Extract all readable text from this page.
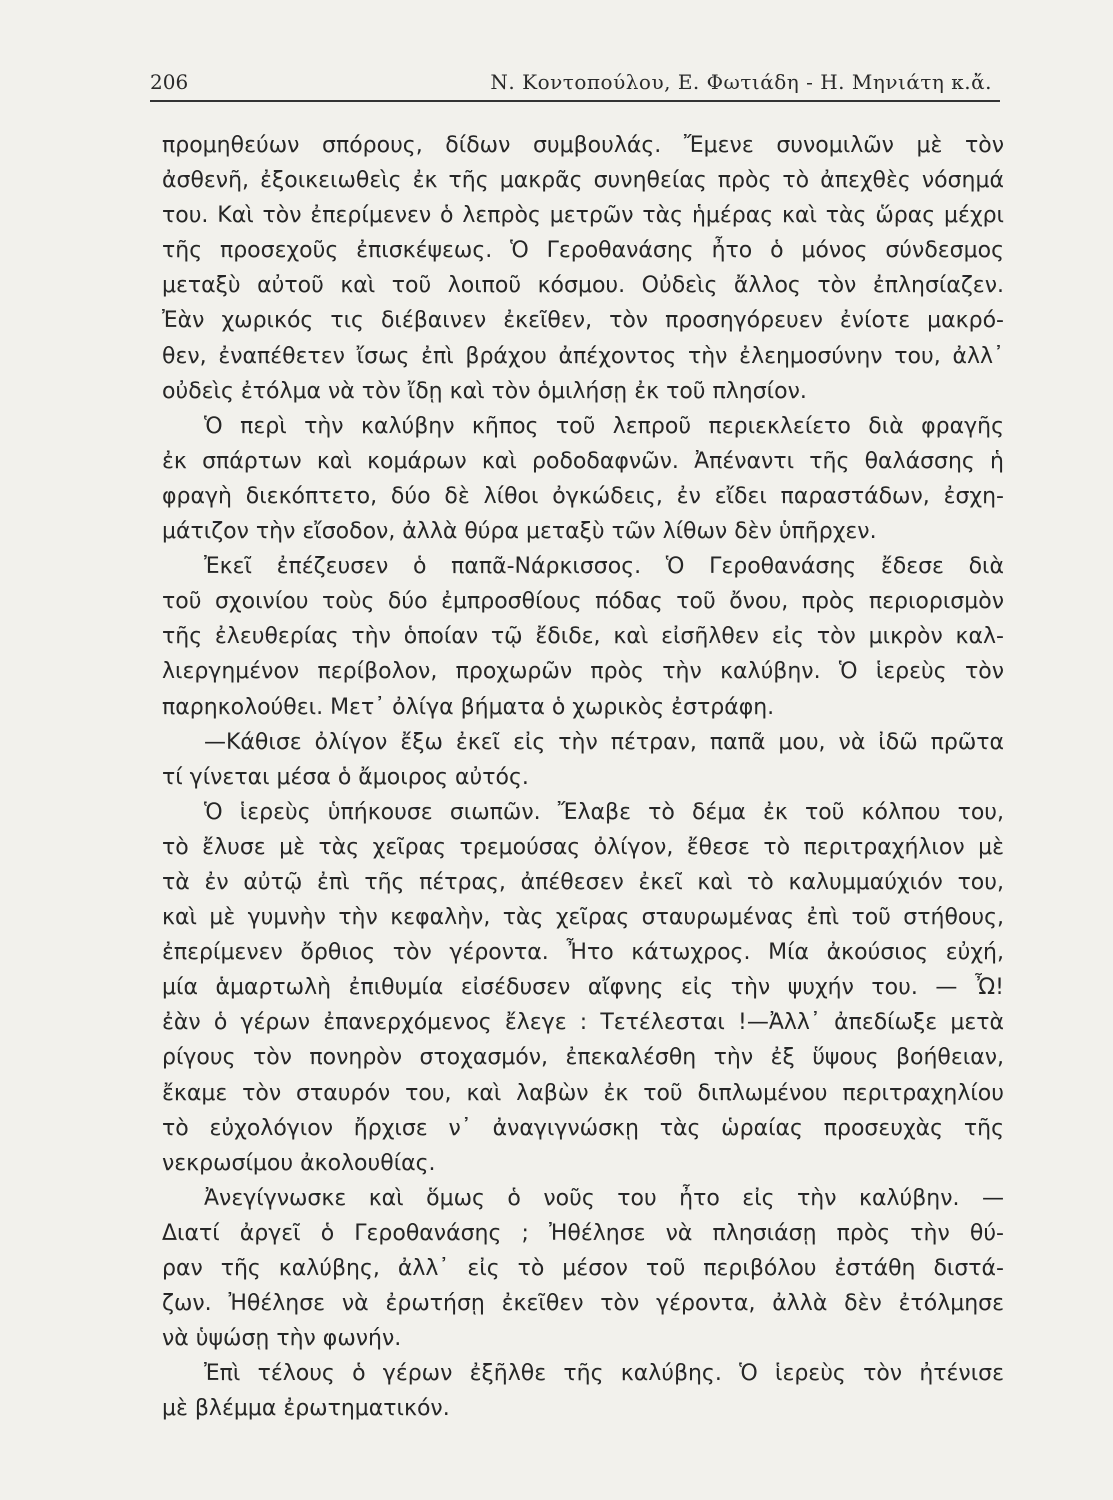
206	Ν. Κοντοπούλου, Ε. Φωτιάδη - Η. Μηνιάτη κ.ἄ.
προμηθεύων σπόρους, δίδων συμβουλάς. Ἔμενε συνομιλῶν μὲ τὸν
ἀσθενῆ, ἐξοικειωθεὶς ἐκ τῆς μακρᾶς συνηθείας πρὸς τὸ ἀπεχθὲς νόσημά
του. Καὶ τὸν ἐπερίμενεν ὁ λεπρὸς μετρῶν τὰς ἡμέρας καὶ τὰς ὥρας μέχρι
τῆς προσεχοῦς ἐπισκέψεως. Ὁ Γεροθανάσης ἦτο ὁ μόνος σύνδεσμος
μεταξὺ αὐτοῦ καὶ τοῦ λοιποῦ κόσμου. Οὐδεὶς ἄλλος τὸν ἐπλησίαζεν.
Ἐὰν χωρικός τις διέβαινεν ἐκεῖθεν, τὸν προσηγόρευεν ἐνίοτε μακρό-
θεν, ἐναπέθετεν ἴσως ἐπὶ βράχου ἀπέχοντος τὴν ἐλεημοσύνην του, ἀλλ᾽
οὐδεὶς ἐτόλμα νὰ τὸν ἴδῃ καὶ τὸν ὁμιλήσῃ ἐκ τοῦ πλησίον.
Ὁ περὶ τὴν καλύβην κῆπος τοῦ λεπροῦ περιεκλείετο διὰ φραγῆς
ἐκ σπάρτων καὶ κομάρων καὶ ροδοδαφνῶν. Ἀπέναντι τῆς θαλάσσης ἡ
φραγὴ διεκόπτετο, δύο δὲ λίθοι ὀγκώδεις, ἐν εἴδει παραστάδων, ἐσχη-
μάτιζον τὴν εἴσοδον, ἀλλὰ θύρα μεταξὺ τῶν λίθων δὲν ὑπῆρχεν.
Ἐκεῖ ἐπέζευσεν ὁ παπᾶ-Νάρκισσος. Ὁ Γεροθανάσης ἔδεσε διὰ
τοῦ σχοινίου τοὺς δύο ἐμπροσθίους πόδας τοῦ ὄνου, πρὸς περιορισμὸν
τῆς ἐλευθερίας τὴν ὁποίαν τῷ ἔδιδε, καὶ εἰσῆλθεν εἰς τὸν μικρὸν καλ-
λιεργημένον περίβολον, προχωρῶν πρὸς τὴν καλύβην. Ὁ ἱερεὺς τὸν
παρηκολούθει. Μετ᾽ ὀλίγα βήματα ὁ χωρικὸς ἐστράφη.
—Κάθισε ὀλίγον ἔξω ἐκεῖ εἰς τὴν πέτραν, παπᾶ μου, νὰ ἰδῶ πρῶτα
τί γίνεται μέσα ὁ ἄμοιρος αὐτός.
Ὁ ἱερεὺς ὑπήκουσε σιωπῶν. Ἔλαβε τὸ δέμα ἐκ τοῦ κόλπου του,
τὸ ἔλυσε μὲ τὰς χεῖρας τρεμούσας ὀλίγον, ἔθεσε τὸ περιτραχήλιον μὲ
τὰ ἐν αὐτῷ ἐπὶ τῆς πέτρας, ἀπέθεσεν ἐκεῖ καὶ τὸ καλυμμαύχιόν του,
καὶ μὲ γυμνὴν τὴν κεφαλὴν, τὰς χεῖρας σταυρωμένας ἐπὶ τοῦ στήθους,
ἐπερίμενεν ὄρθιος τὸν γέροντα. Ἦτο κάτωχρος. Μία ἀκούσιος εὐχή,
μία ἁμαρτωλὴ ἐπιθυμία εἰσέδυσεν αἴφνης εἰς τὴν ψυχήν του. — Ὦ!
ἐὰν ὁ γέρων ἐπανερχόμενος ἔλεγε : Τετέλεσται !—Ἀλλ᾽ ἀπεδίωξε μετὰ
ρίγους τὸν πονηρὸν στοχασμόν, ἐπεκαλέσθη τὴν ἐξ ὕψους βοήθειαν,
ἔκαμε τὸν σταυρόν του, καὶ λαβὼν ἐκ τοῦ διπλωμένου περιτραχηλίου
τὸ εὐχολόγιον ἤρχισε ν᾽ ἀναγιγνώσκῃ τὰς ὡραίας προσευχὰς τῆς
νεκρωσίμου ἀκολουθίας.
Ἀνεγίγνωσκε καὶ ὅμως ὁ νοῦς του ἦτο εἰς τὴν καλύβην. —
Διατί ἀργεῖ ὁ Γεροθανάσης ; Ἠθέλησε νὰ πλησιάσῃ πρὸς τὴν θύ-
ραν τῆς καλύβης, ἀλλ᾽ εἰς τὸ μέσον τοῦ περιβόλου ἐστάθη διστά-
ζων. Ἠθέλησε νὰ ἐρωτήσῃ ἐκεῖθεν τὸν γέροντα, ἀλλὰ δὲν ἐτόλμησε
νὰ ὑψώσῃ τὴν φωνήν.
Ἐπὶ τέλους ὁ γέρων ἐξῆλθε τῆς καλύβης. Ὁ ἱερεὺς τὸν ἠτένισε
μὲ βλέμμα ἐρωτηματικόν.
